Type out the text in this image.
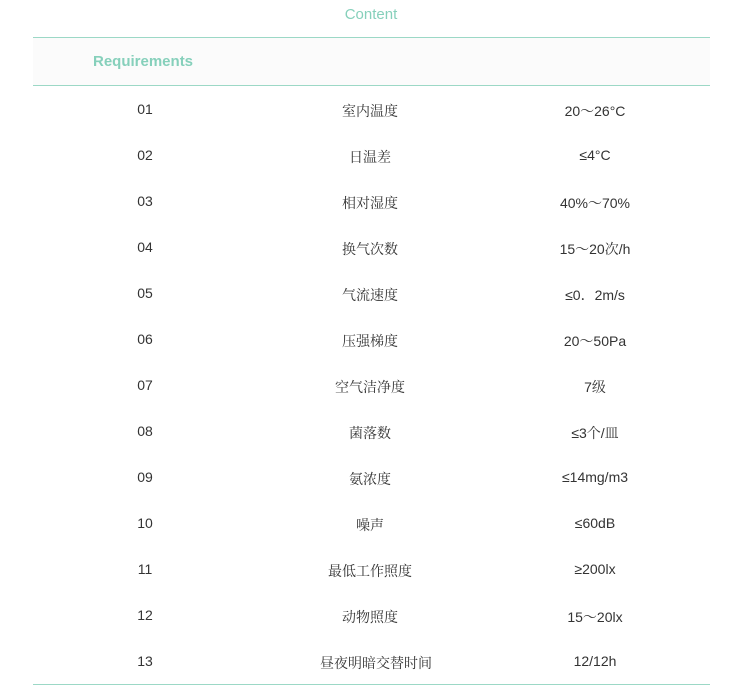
Content
Requirements
01	室内温度	20～26°C
02	日温差	≤4°C
03	相对湿度	40%～70%
04	换气次数	15～20次/h
05	气流速度	≤0．2m/s
06	压强梯度	20～50Pa
07	空气洁净度	7级
08	菌落数	≤3个/皿
09	氨浓度	≤14mg/m3
10	噪声	≤60dB
11	最低工作照度	≥200lx
12	动物照度	15～20lx
13	昼夜明暗交替时间	12/12h
